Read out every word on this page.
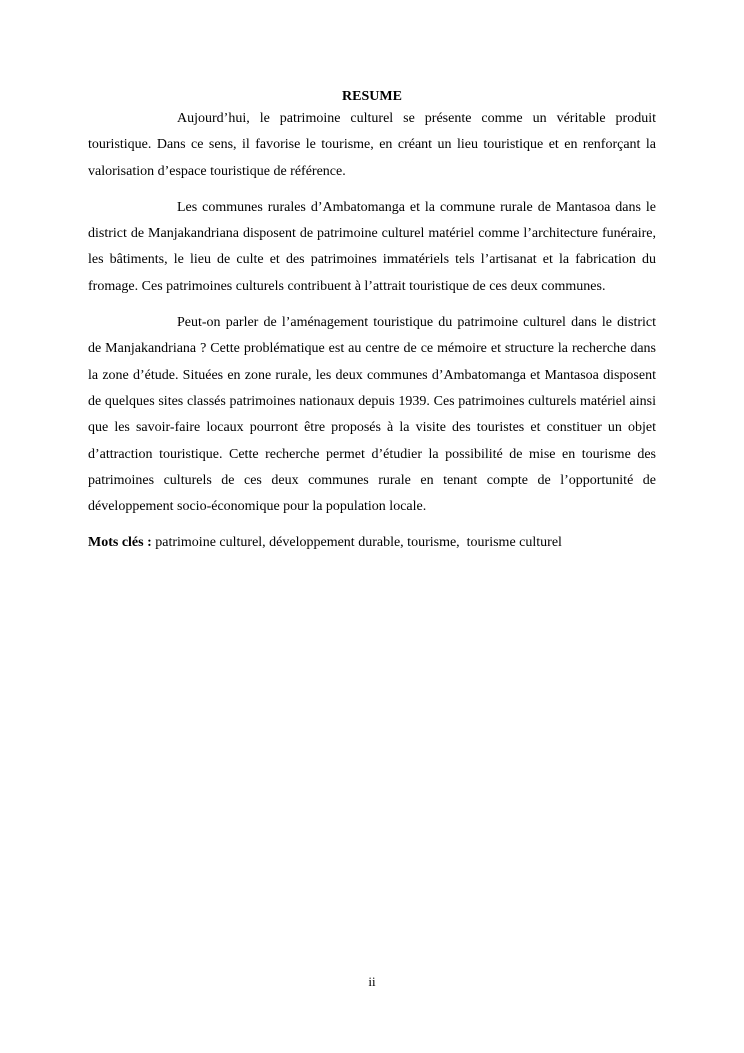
RESUME

Aujourd’hui, le patrimoine culturel se présente comme un véritable produit touristique. Dans ce sens, il favorise le tourisme, en créant un lieu touristique et en renforçant la valorisation d’espace touristique de référence.

Les communes rurales d’Ambatomanga et la commune rurale de Mantasoa dans le district de Manjakandriana disposent de patrimoine culturel matériel comme l’architecture funéraire, les bâtiments, le lieu de culte et des patrimoines immatériels tels l’artisanat et la fabrication du fromage. Ces patrimoines culturels contribuent à l’attrait touristique de ces deux communes.

Peut-on parler de l’aménagement touristique du patrimoine culturel dans le district de Manjakandriana ? Cette problématique est au centre de ce mémoire et structure la recherche dans la zone d’étude. Situées en zone rurale, les deux communes d’Ambatomanga et Mantasoa disposent de quelques sites classés patrimoines nationaux depuis 1939. Ces patrimoines culturels matériel ainsi que les savoir-faire locaux pourront être proposés à la visite des touristes et constituer un objet d’attraction touristique. Cette recherche permet d’étudier la possibilité de mise en tourisme des patrimoines culturels de ces deux communes rurale en tenant compte de l’opportunité de développement socio-économique pour la population locale.

Mots clés : patrimoine culturel, développement durable, tourisme,  tourisme culturel

ii
